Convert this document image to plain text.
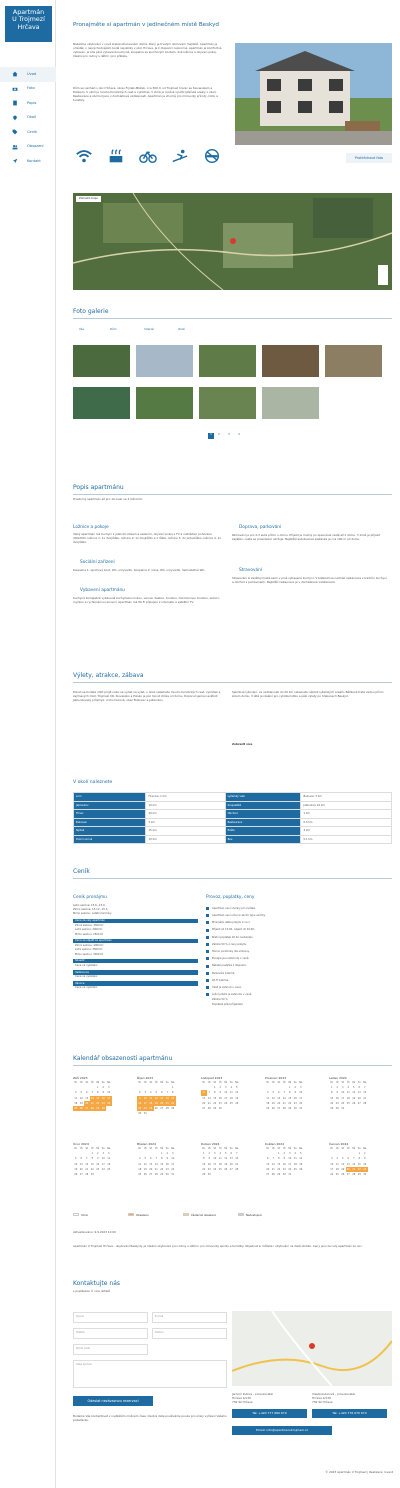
Apartmán
U Trojmezí
Hrčava
Úvod
Foto
Popis
Okolí
Ceník
Obsazení
Kontakt
Pronajměte si apartmán v jedinečném místě Beskyd
Nabízíme ubytování v nově zrekonstruovaném domě, který je trvalým domovem majitelů. Apartmán je umístěn v nejvýchodnějším bodě republiky v obci Hrčava. Je k dispozici celoročně. Apartmán je komfortně vybaven, je zde plně vybavená kuchyně, koupelna se sprchovým koutem, dvě ložnice a obývací pokoj. Ideální pro rodiny s dětmi i pro přátele.
Dům se nachází v obci Hrčava, okres Frýdek-Místek, cca 300 m od Trojmezí hranic se Slovenskem a Polskem. V okolí je mnoho turistických cest a cyklotras. V zimě je možné využít lyžařské areály v okolí. Restaurace a obchod jsou v docházkové vzdálenosti. Apartmán je vhodný pro milovníky přírody, klidu a turistiky.
Prohlédnout foto
Zobrazit mapu
Foto galerie
Vše	Dům	Interiér	Okolí
1	2	3	4
Popis apartmánu
Prostorný apartmán až pro 10 osob ve 4 ložnicích.
Ložnice a pokoje
Velký apartmán má kuchyni s jídelním stolem a sezením, obývací pokoj s TV a rozkládací pohovkou (90x200), ložnice 1: 1x dvojlůžko, ložnice 2: 1x dvojlůžko a 1 lůžko, ložnice 3: 2x jednolůžko, ložnice 4: 1x dvojlůžko.
Sociální zařízení
Koupelna 1: sprchový kout, WC, umyvadlo. Koupelna 2: vana, WC, umyvadlo. Samostatné WC.
Vybavení apartmánu
Kuchyně kompletně vybavená kuchyňskou linkou, varnou deskou, troubou, mikrovlnnou troubou, lednicí, myčkou a rychlovarnou konvicí. Apartmán má Wi-Fi připojení k internetu a satelitní TV.
Doprava, parkování
Parkování je pro 2-3 auta přímo u domu. Příjezd je možný po zpevněné cestě až k domu. V zimě je příjezd zajištěn, cesta se pravidelně udržuje. Nejbližší autobusová zastávka je cca 100 m od domu.
Stravování
Stravování si zajišťují hosté sami v plně vybavené kuchyni. V blízkosti se nachází restaurace s tradiční kuchyní a obchod s potravinami. Nejbližší restaurace je v docházkové vzdálenosti.
Výlety, atrakce, zábava
Pokud se budete chtít projít nebo se vydat na výlet, v okolí naleznete mnoho turistických cest, vyhlídek a zajímavých míst. Trojmezí ČR, Slovensko a Polsko je pár minut chůze od domu. Doporučujeme navštívit Jablunkovský průsmyk, vrchol Girová, obec Bukovec a Jablunkov.
Sjezdové lyžování: ve vzdálenosti do 20 km naleznete několik lyžařských areálů. Běžkové tratě vedou přímo kolem domu. V létě je ideální pro cykloturistiku a pěší výlety po hřebenech Beskyd.
Zobrazit více
V okolí naleznete
Lom	Hranice: 1 km	Lyžařský vlek	Bukovec 3 km
Jablunkov	10 km	Koupaliště	Jablunkov 10 km
Třinec	20 km	Obchod	1 km
Bukovec	5 km	Restaurace	0,5 km
Nýdek	15 km	Pošta	3 km
Dolní Lomná	10 km	Bus	0,1 km
Ceník
Ceník pronájmu
Letní sezóna: 15.6.–15.9.
Zimní sezóna: 15.12.–15.3.
Mimo sezónu: ostatní termíny
Cena za celý apartmán
Zimní sezóna: 3500 Kč
Letní sezóna: 3000 Kč
Mimo sezónu: 2500 Kč
Cena za objekt za apartmán
Zimní sezóna: 4000 Kč
Letní sezóna: 3500 Kč
Mimo sezónu: 3000 Kč
Silvestr
Cena na vyžádání
Velikonoce
Cena na vyžádání
Vánoce
Cena na vyžádání
Provoz, poplatky, ceny
Apartmán není vhodný pro zvířata.
Apartmán není určen k akcím typu večírky.
Minimální délka pobytu 2 noci.
Příjezd od 15:00, odjezd do 10:00.
Místní poplatek 20 Kč osoba/den.
Záloha 50 % z ceny pobytu.
Storno podmínky dle smlouvy.
Energie jsou zahrnuty v ceně.
Dětská postýlka k dispozici.
Parkování zdarma.
Wi-Fi zdarma.
Úklid je zahrnut v ceně.
Ložní prádlo je zahrnuto v ceně.
Záloha 50 %
Doplatek před příjezdem
Kalendář obsazenosti apartmánu
Září 2023
Po	Út	St	Čt	Pá	So	Ne
				1	2	3
4	5	6	7	8	9	10
11	12	13	14	15	16	17
18	19	20	21	22	23	24
25	26	27	28	29	30	
Říjen 2023
Po	Út	St	Čt	Pá	So	Ne
						1
2	3	4	5	6	7	8
9	10	11	12	13	14	15
16	17	18	19	20	21	22
23	24	25	26	27	28	29
30	31					
Listopad 2023
Po	Út	St	Čt	Pá	So	Ne
		1	2	3	4	5
6	7	8	9	10	11	12
13	14	15	16	17	18	19
20	21	22	23	24	25	26
27	28	29	30			
Prosinec 2023
Po	Út	St	Čt	Pá	So	Ne
				1	2	3
4	5	6	7	8	9	10
11	12	13	14	15	16	17
18	19	20	21	22	23	24
25	26	27	28	29	30	31
Leden 2024
Po	Út	St	Čt	Pá	So	Ne
1	2	3	4	5	6	7
8	9	10	11	12	13	14
15	16	17	18	19	20	21
22	23	24	25	26	27	28
29	30	31				
Únor 2024
Po	Út	St	Čt	Pá	So	Ne
			1	2	3	4
5	6	7	8	9	10	11
12	13	14	15	16	17	18
19	20	21	22	23	24	25
26	27	28	29			
Březen 2024
Po	Út	St	Čt	Pá	So	Ne
				1	2	3
4	5	6	7	8	9	10
11	12	13	14	15	16	17
18	19	20	21	22	23	24
25	26	27	28	29	30	31
Duben 2024
Po	Út	St	Čt	Pá	So	Ne
1	2	3	4	5	6	7
8	9	10	11	12	13	14
15	16	17	18	19	20	21
22	23	24	25	26	27	28
29	30					
Květen 2024
Po	Út	St	Čt	Pá	So	Ne
		1	2	3	4	5
6	7	8	9	10	11	12
13	14	15	16	17	18	19
20	21	22	23	24	25	26
27	28	29	30	31		
Červen 2024
Po	Út	St	Čt	Pá	So	Ne
					1	2
3	4	5	6	7	8	9
10	11	12	13	14	15	16
17	18	19	20	21	22	23
24	25	26	27	28	29	30
Volno	Obsazeno	Částečně obsazeno	Nedostupné
Aktualizováno: 9.9.2023 12:00
Apartmán U Trojmezí Hrčava - ubytování Beskydy. Je ideální ubytování pro rodiny s dětmi i pro milovníky sportu a turistiky. Objednat si můžete i ubytování na delší období. Ceny jsou za celý apartmán za noc.
Kontaktujte nás
s poptávkou či více dotazů
Jméno	E-mail
Telefon	Datum
Počet osob
Vaše zpráva
Odeslat nezávaznou rezervaci
Budeme Vás kontaktovat v nejbližším možném čase. Osobní data používáme pouze pro účely vyřízení Vašeho požadavku.
Jaromír Kubica - provozovatel
Hrčava 4/139
739 92 Hrčava
Vlasta Kubicová - provozovatel
Hrčava 4/139
739 92 Hrčava
Tel: +420 777 660 670	Tel: +420 776 670 674
Email: info@apartmanutrojmezi.cz
© 2023 Apartmán U Trojmezí | Realizace: Invent
